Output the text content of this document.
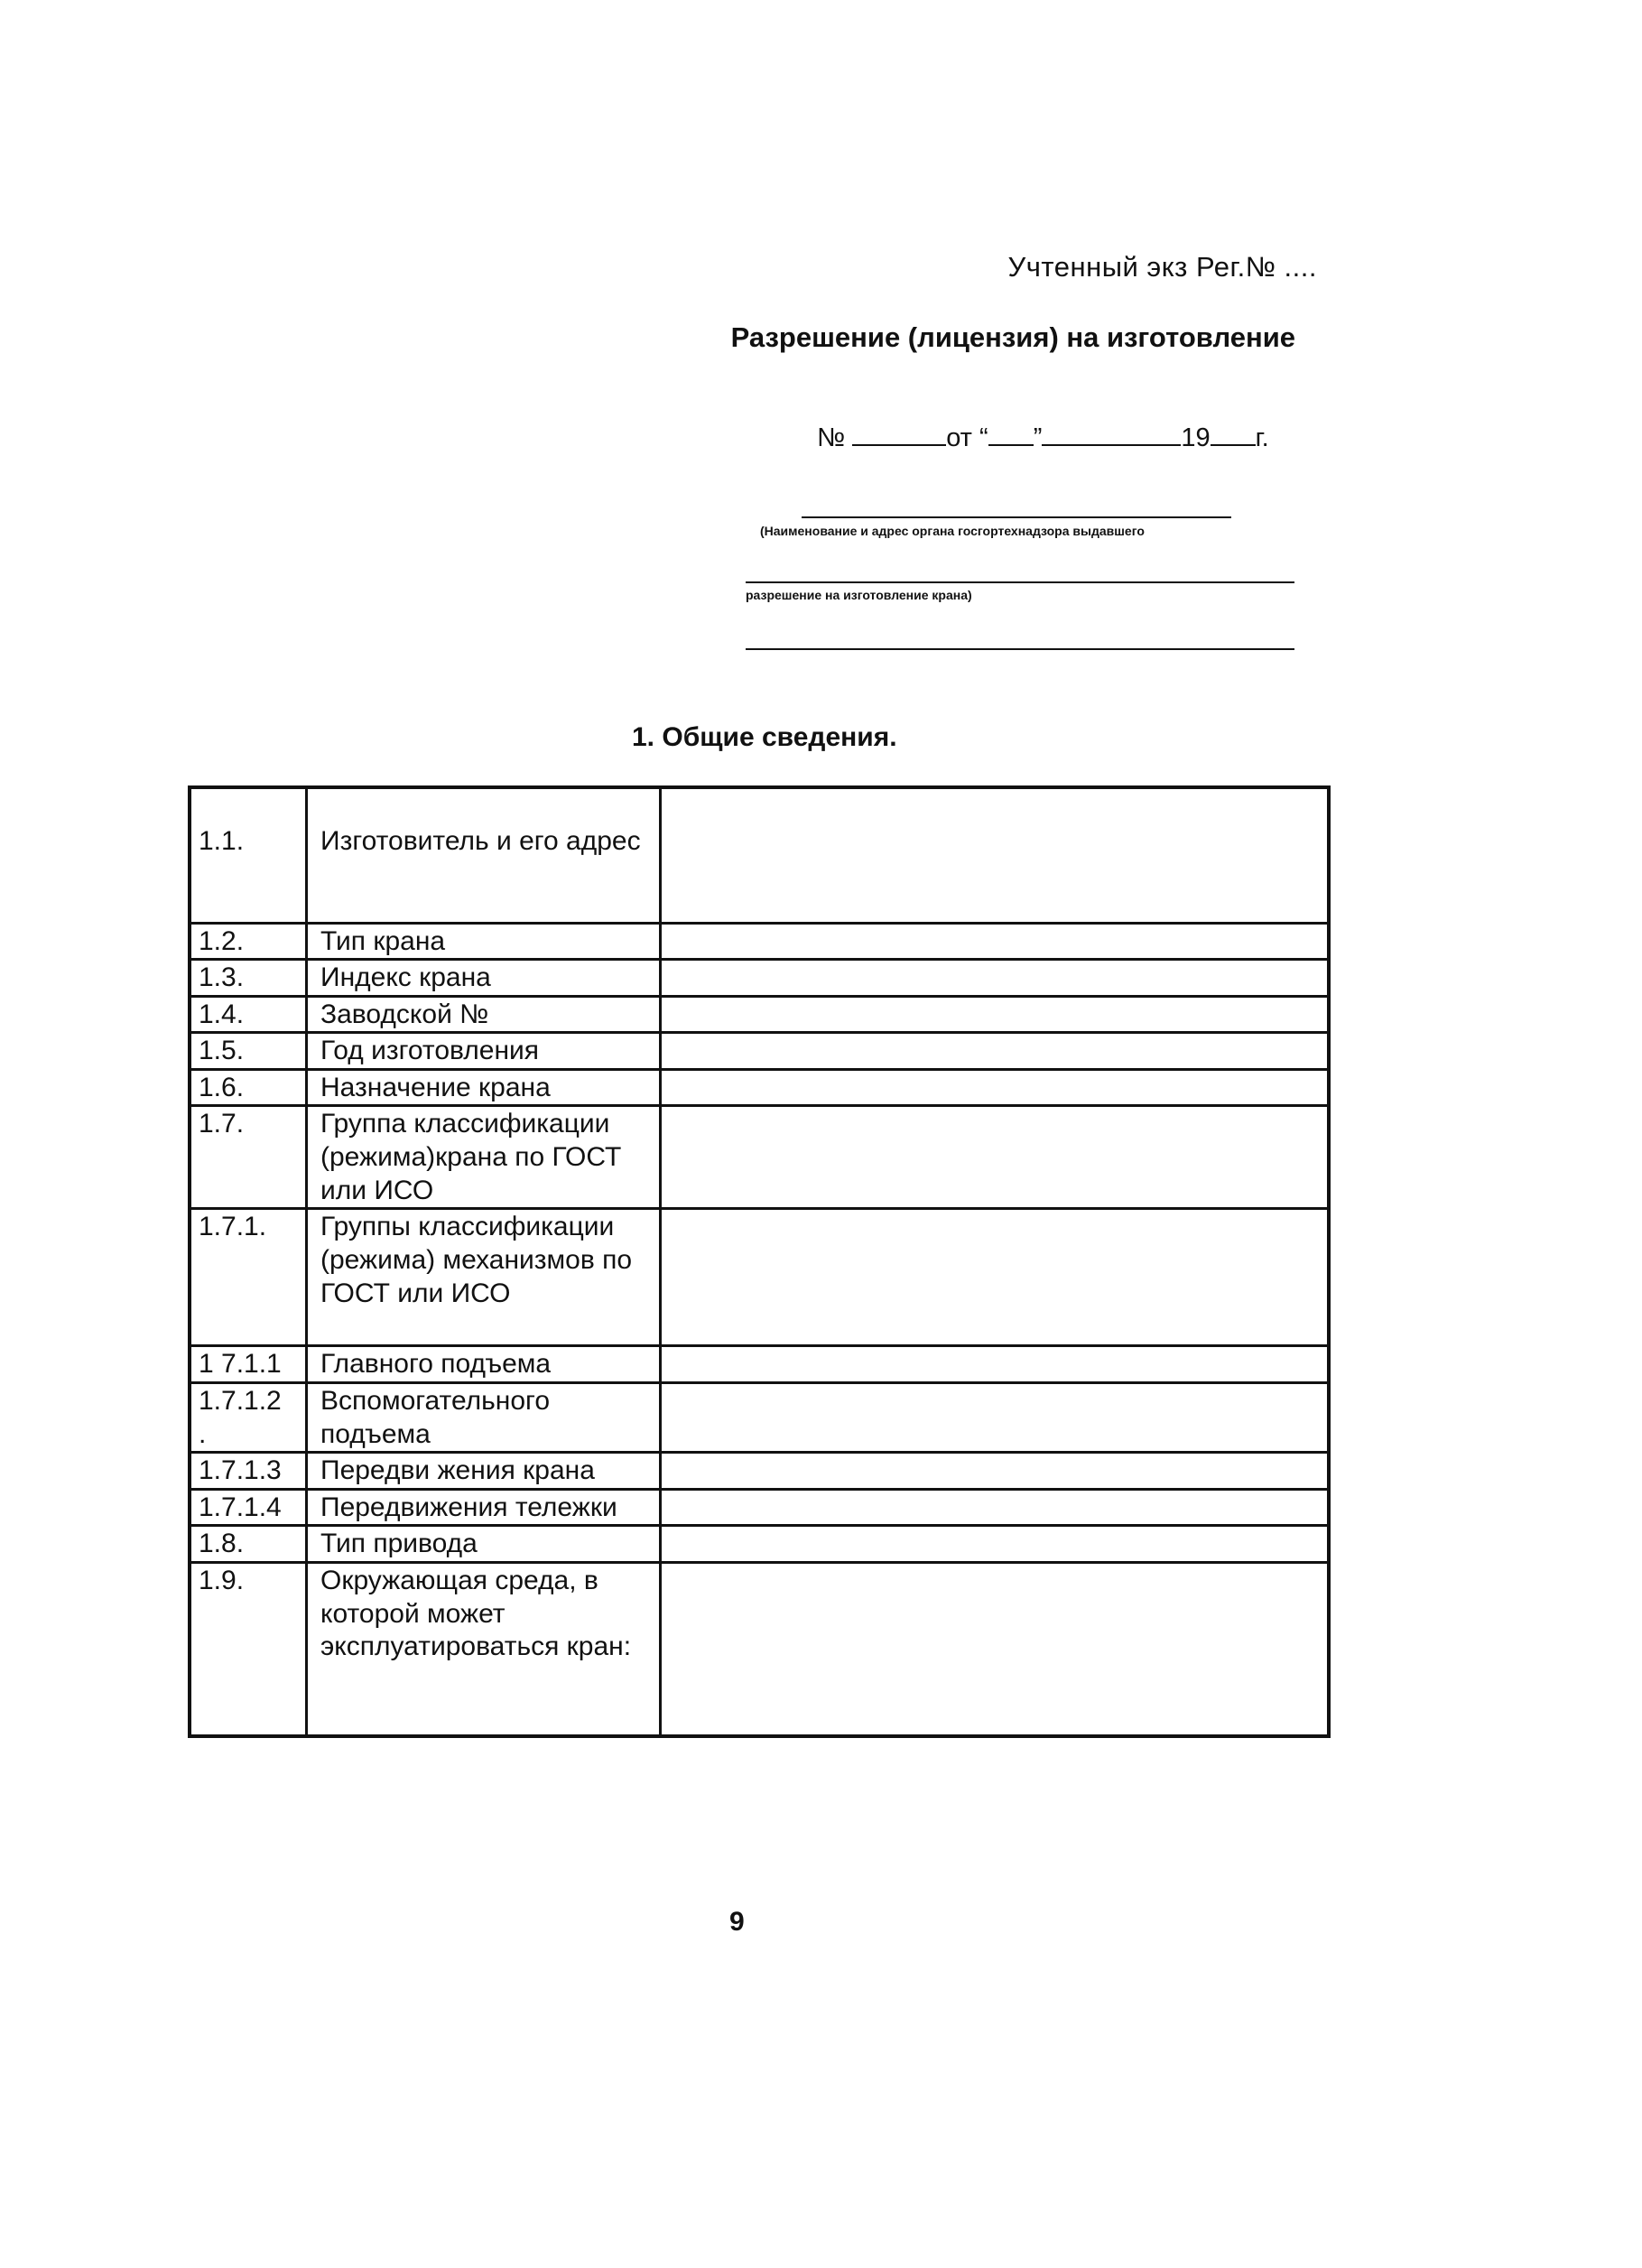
Учтенный экз Рег.№ ....
Разрешение (лицензия) на изготовление
№	от “ ”	19 г.
(Наименование и адрес органа госгортехнадзора выдавшего
разрешение на изготовление крана)
1. Общие сведения.
1.1.	Изготовитель и его адрес	
1.2.	Тип крана	
1.3.	Индекс крана	
1.4.	Заводской №	
1.5.	Год изготовления	
1.6.	Назначение крана	
1.7.	Группа классификации (режима)крана по ГОСТ или ИСО	
1.7.1.	Группы классификации (режима) механизмов по ГОСТ или ИСО	
1 7.1.1	Главного подъема	
1.7.1.2 .	Вспомогательного подъема	
1.7.1.3	Передви жения крана	
1.7.1.4	Передвижения тележки	
1.8.	Тип привода	
1.9.	Окружающая среда, в которой может эксплуатироваться кран:	
9
